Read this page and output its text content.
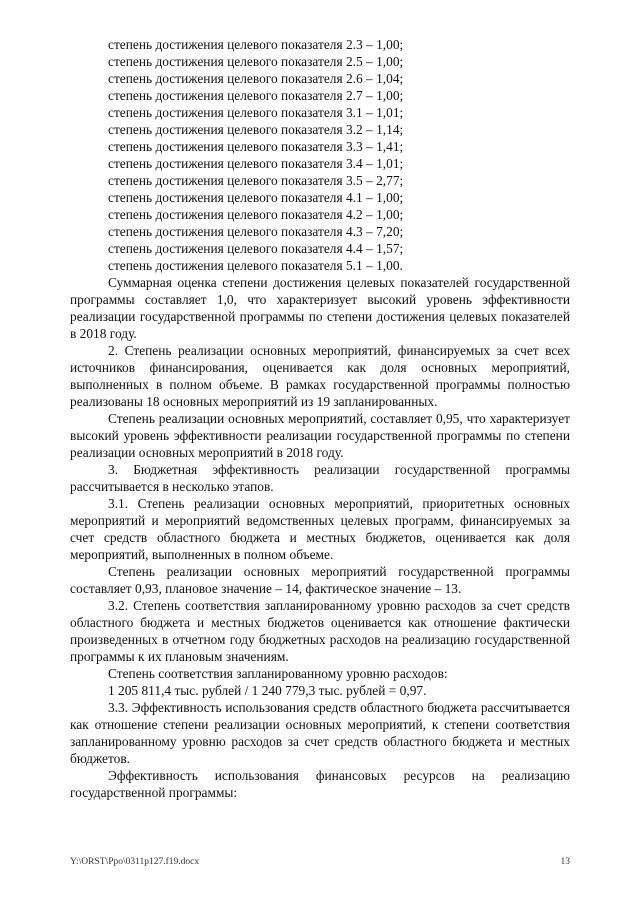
степень достижения целевого показателя 2.3 – 1,00;
степень достижения целевого показателя 2.5 – 1,00;
степень достижения целевого показателя 2.6 – 1,04;
степень достижения целевого показателя 2.7 – 1,00;
степень достижения целевого показателя 3.1 – 1,01;
степень достижения целевого показателя 3.2 – 1,14;
степень достижения целевого показателя 3.3 – 1,41;
степень достижения целевого показателя 3.4 – 1,01;
степень достижения целевого показателя 3.5 – 2,77;
степень достижения целевого показателя 4.1 – 1,00;
степень достижения целевого показателя 4.2 – 1,00;
степень достижения целевого показателя 4.3 – 7,20;
степень достижения целевого показателя 4.4 – 1,57;
степень достижения целевого показателя 5.1 – 1,00.

Суммарная оценка степени достижения целевых показателей государственной программы составляет 1,0, что характеризует высокий уровень эффективности реализации государственной программы по степени достижения целевых показателей в 2018 году.

2. Степень реализации основных мероприятий, финансируемых за счет всех источников финансирования, оценивается как доля основных мероприятий, выполненных в полном объеме. В рамках государственной программы полностью реализованы 18 основных мероприятий из 19 запланированных.

Степень реализации основных мероприятий, составляет 0,95, что характеризует высокий уровень эффективности реализации государственной программы по степени реализации основных мероприятий в 2018 году.

3. Бюджетная эффективность реализации государственной программы рассчитывается в несколько этапов.

3.1. Степень реализации основных мероприятий, приоритетных основных мероприятий и мероприятий ведомственных целевых программ, финансируемых за счет средств областного бюджета и местных бюджетов, оценивается как доля мероприятий, выполненных в полном объеме.

Степень реализации основных мероприятий государственной программы составляет 0,93, плановое значение – 14, фактическое значение – 13.

3.2. Степень соответствия запланированному уровню расходов за счет средств областного бюджета и местных бюджетов оценивается как отношение фактически произведенных в отчетном году бюджетных расходов на реализацию государственной программы к их плановым значениям.

Степень соответствия запланированному уровню расходов:

1 205 811,4 тыс. рублей / 1 240 779,3 тыс. рублей = 0,97.

3.3. Эффективность использования средств областного бюджета рассчитывается как отношение степени реализации основных мероприятий, к степени соответствия запланированному уровню расходов за счет средств областного бюджета и местных бюджетов.

Эффективность использования финансовых ресурсов на реализацию государственной программы:

Y:\ORST\Ppo\0311p127.f19.docx	13
